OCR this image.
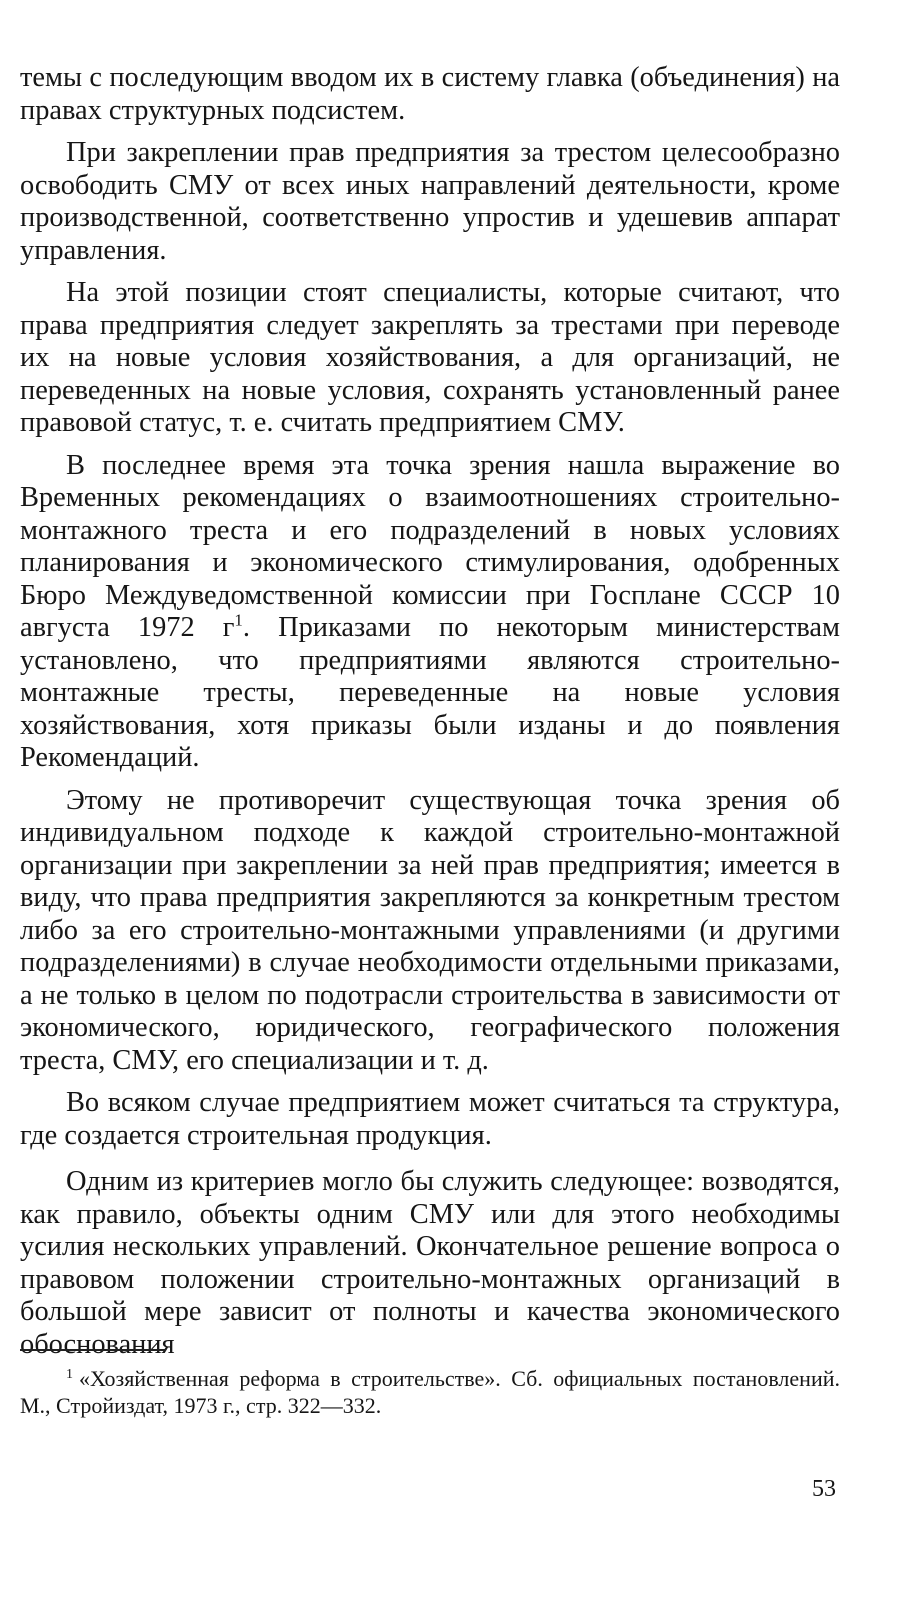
темы с последующим вводом их в систему главка (объединения) на правах структурных подсистем.

При закреплении прав предприятия за трестом целесообразно освободить СМУ от всех иных направлений деятельности, кроме производственной, соответственно упростив и удешевив аппарат управления.

На этой позиции стоят специалисты, которые считают, что права предприятия следует закреплять за трестами при переводе их на новые условия хозяйствования, а для организаций, не переведенных на новые условия, сохранять установленный ранее правовой статус, т. е. считать предприятием СМУ.

В последнее время эта точка зрения нашла выражение во Временных рекомендациях о взаимоотношениях строительно-монтажного треста и его подразделений в новых условиях планирования и экономического стимулирования, одобренных Бюро Междуведомственной комиссии при Госплане СССР 10 августа 1972 $г^1$. Приказами по некоторым министерствам установлено, что предприятиями являются строительно-монтажные тресты, переведенные на новые условия хозяйствования, хотя приказы были изданы и до появления Рекомендаций.

Этому не противоречит существующая точка зрения об индивидуальном подходе к каждой строительно-монтажной организации при закреплении за ней прав предприятия; имеется в виду, что права предприятия закрепляются за конкретным трестом либо за его строительно-монтажными управлениями (и другими подразделениями) в случае необходимости отдельными приказами, а не только в целом по подотрасли строительства в зависимости от экономического, юридического, географического положения треста, СМУ, его специализации и т. д.

Во всяком случае предприятием может считаться та структура, где создается строительная продукция.

Одним из критериев могло бы служить следующее: возводятся, как правило, объекты одним СМУ или для этого необходимы усилия нескольких управлений. Окончательное решение вопроса о правовом положении строительно-монтажных организаций в большой мере зависит от полноты и качества экономического обоснования

$^1$ «Хозяйственная реформа в строительстве». Сб. официальных постановлений. М., Стройиздат, 1973 г., стр. 322—332.

53
